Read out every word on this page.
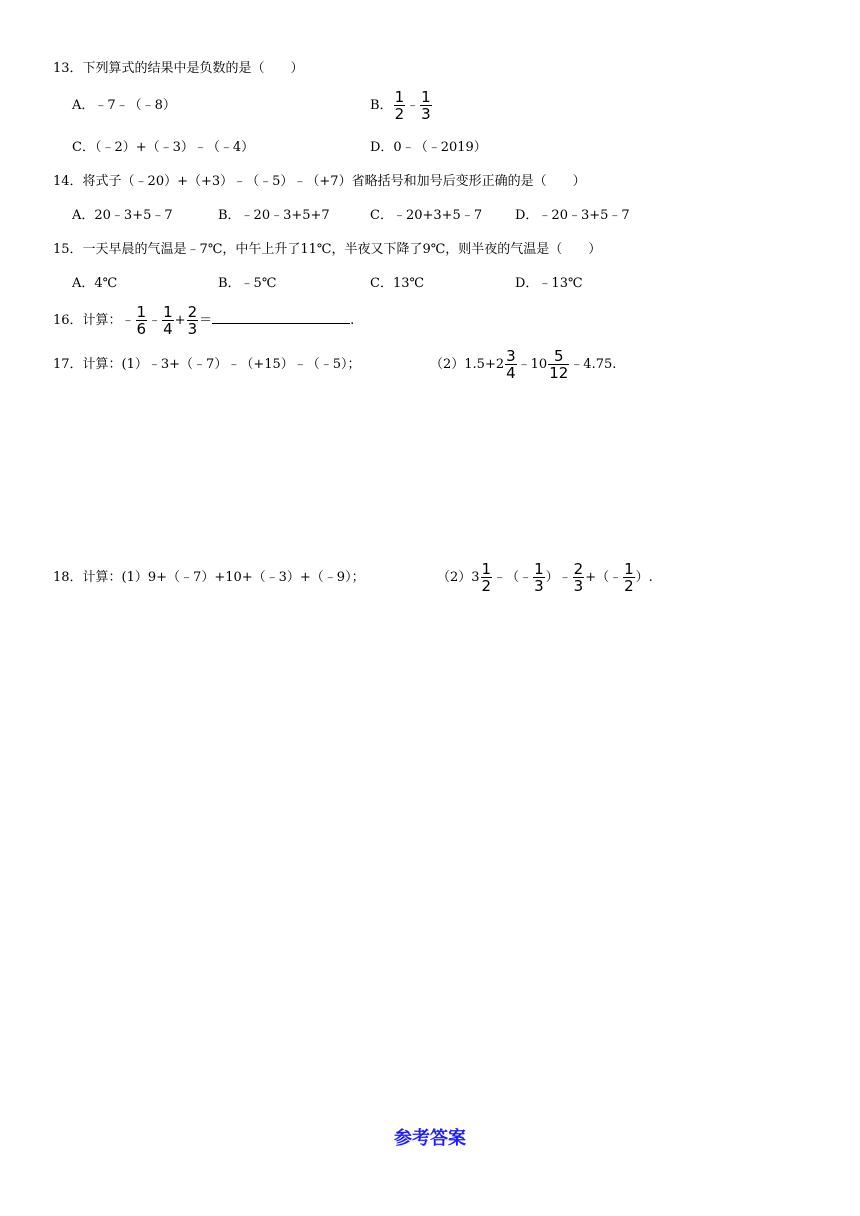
13．下列算式的结果中是负数的是（　　）
A．﹣7﹣（﹣8）	B． $\frac{1}{2}$ ﹣ $\frac{1}{3}$
C．（﹣2）+（﹣3）﹣（﹣4）	D．0﹣（﹣2019）
14．将式子（﹣20）+（+3）﹣（﹣5）﹣（+7）省略括号和加号后变形正确的是（　　）
A．20﹣3+5﹣7	B．﹣20﹣3+5+7	C．﹣20+3+5﹣7	D．﹣20﹣3+5﹣7
15．一天早晨的气温是﹣7℃，中午上升了11℃，半夜又下降了9℃，则半夜的气温是（　　）
A．4℃	B．﹣5℃	C．13℃	D．﹣13℃
16．计算：﹣ $\frac{1}{6}$ ﹣ $\frac{1}{4} + \frac{2}{3}$ ＝	.
17．计算：(1）﹣3+（﹣7）﹣（+15）﹣（﹣5）；	$(2)1.5+2 \frac{3}{4}$ ﹣10 $\frac{5}{12}$ ﹣4.75.
18．计算：(1）9+（﹣7）+10+（﹣3）+（﹣9）；	$(2)3 \frac{1}{2}$ ﹣（﹣ $\frac{1}{3}$ ）﹣ $\frac{2}{3}$ +（﹣ $\frac{1}{2}$ ）.
参考答案
